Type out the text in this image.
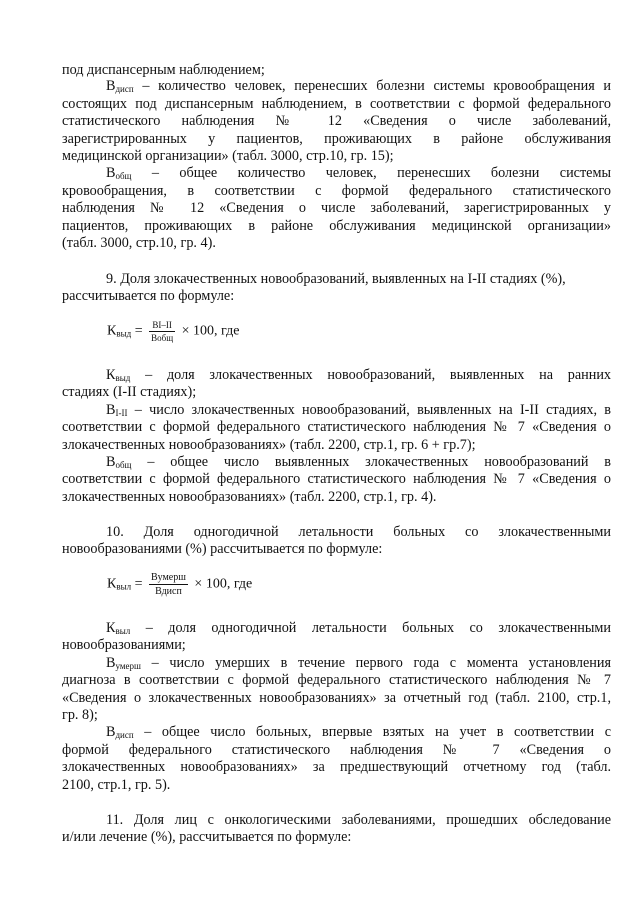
под диспансерным наблюдением;
$В_{дисп}$ – количество человек, перенесших болезни системы кровообращения и
состоящих под диспансерным наблюдением, в соответствии с формой федерального
статистического наблюдения № 12 «Сведения о числе заболеваний,
зарегистрированных у пациентов, проживающих в районе обслуживания
медицинской организации» (табл. 3000, стр.10, гр. 15);
$В_{общ}$ – общее количество человек, перенесших болезни системы
кровообращения, в соответствии с формой федерального статистического
наблюдения № 12 «Сведения о числе заболеваний, зарегистрированных у
пациентов, проживающих в районе обслуживания медицинской организации»
(табл. 3000, стр.10, гр. 4).
9. Доля злокачественных новообразований, выявленных на I-II стадиях (%),
рассчитывается по формуле:
$К_{выд} = \frac{BI-II}{\text{Вобщ}} \times 100$, где
$К_{выд}$ – доля злокачественных новообразований, выявленных на ранних
стадиях (I-II стадиях);
$В_{I-II}$ – число злокачественных новообразований, выявленных на I-II стадиях, в
соответствии с формой федерального статистического наблюдения № 7 «Сведения о
злокачественных новообразованиях» (табл. 2200, стр.1, гр. 6 + гр.7);
$В_{общ}$ – общее число выявленных злокачественных новообразований в
соответствии с формой федерального статистического наблюдения № 7 «Сведения о
злокачественных новообразованиях» (табл. 2200, стр.1, гр. 4).
10. Доля одногодичной летальности больных со злокачественными
новообразованиями (%) рассчитывается по формуле:
$К_{выл} = \frac{\text{Вумерш}}{\text{Вдисп}} \times 100$, где
$К_{выл}$ – доля одногодичной летальности больных со злокачественными
новообразованиями;
$В_{умерш}$ – число умерших в течение первого года с момента установления
диагноза в соответствии с формой федерального статистического наблюдения № 7
«Сведения о злокачественных новообразованиях» за отчетный год (табл. 2100, стр.1,
гр. 8);
$В_{дисп}$ – общее число больных, впервые взятых на учет в соответствии с
формой федерального статистического наблюдения № 7 «Сведения о
злокачественных новообразованиях» за предшествующий отчетному год (табл.
2100, стр.1, гр. 5).
11. Доля лиц с онкологическими заболеваниями, прошедших обследование
и/или лечение (%), рассчитывается по формуле:
